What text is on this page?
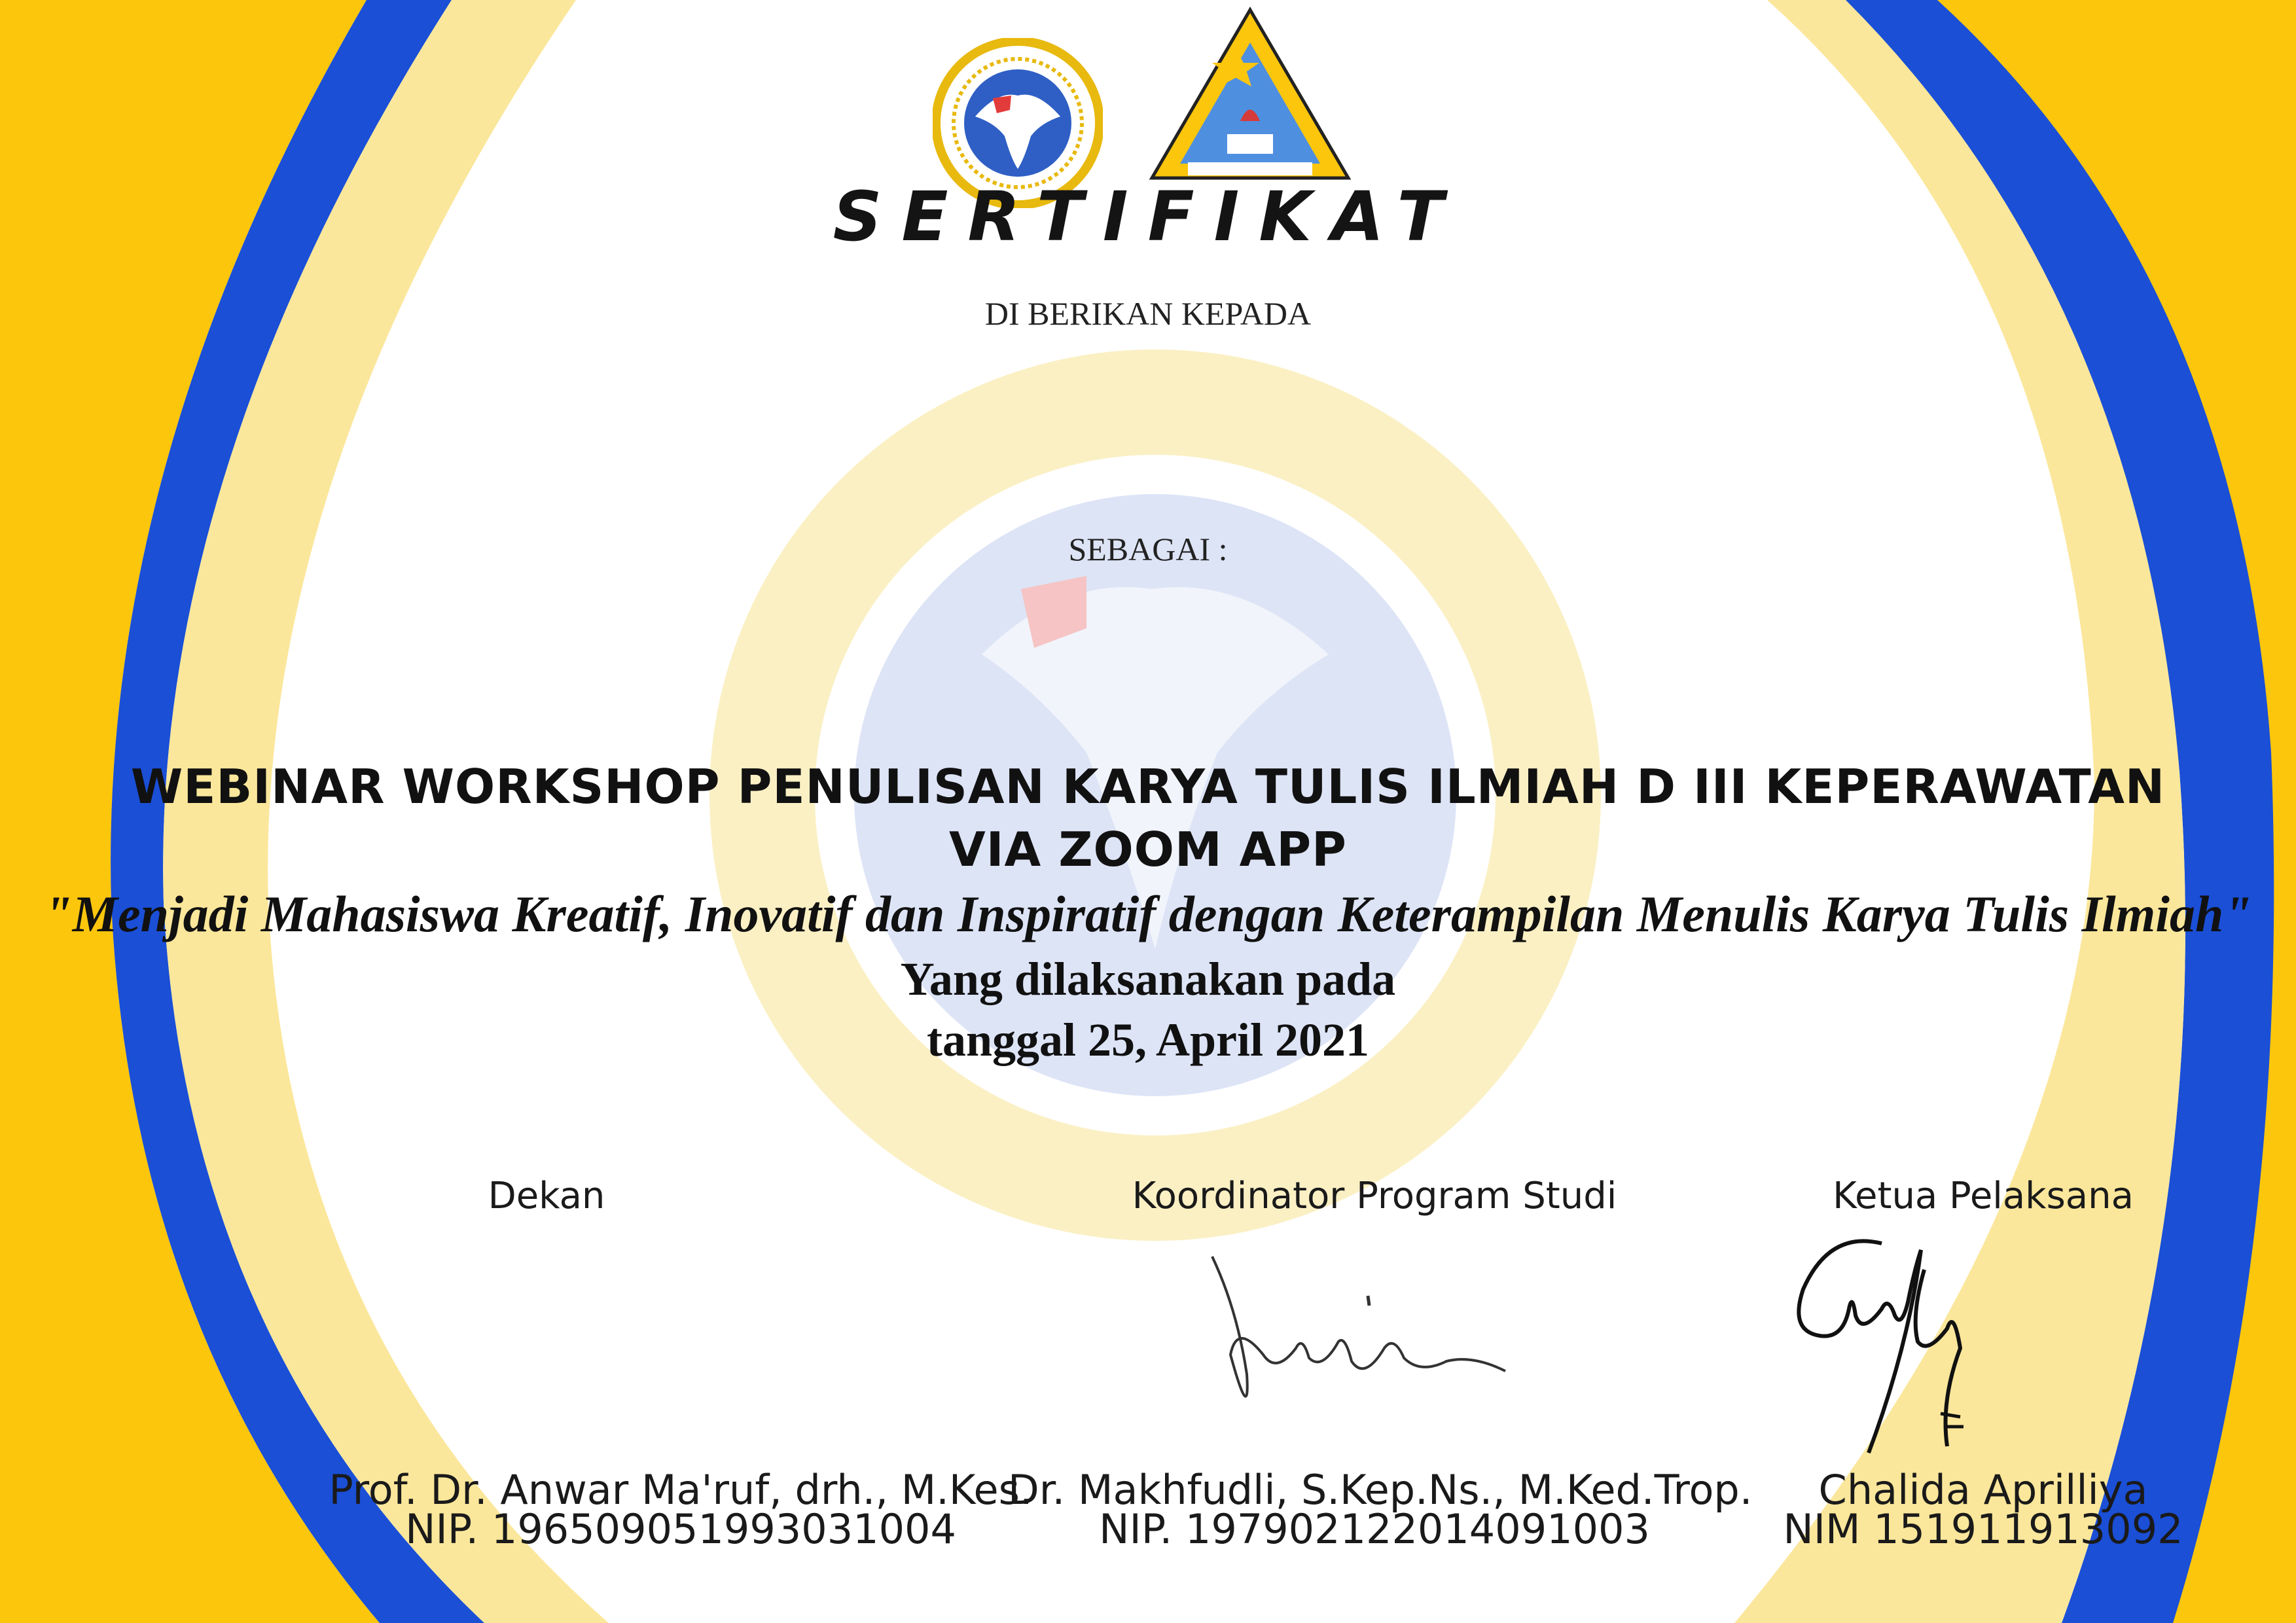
SERTIFIKAT
DI BERIKAN KEPADA
SEBAGAI :
WEBINAR WORKSHOP PENULISAN KARYA TULIS ILMIAH D III KEPERAWATAN
VIA ZOOM APP
"Menjadi Mahasiswa Kreatif, Inovatif dan Inspiratif dengan Keterampilan Menulis Karya Tulis Ilmiah"
Yang dilaksanakan pada
tanggal 25, April 2021
Dekan
Prof. Dr. Anwar Ma'ruf, drh., M.Kes.
NIP. 196509051993031004
Koordinator Program Studi
Dr. Makhfudli, S.Kep.Ns., M.Ked.Trop.
NIP. 197902122014091003
Ketua Pelaksana
Chalida Aprilliya
NIM 151911913092
